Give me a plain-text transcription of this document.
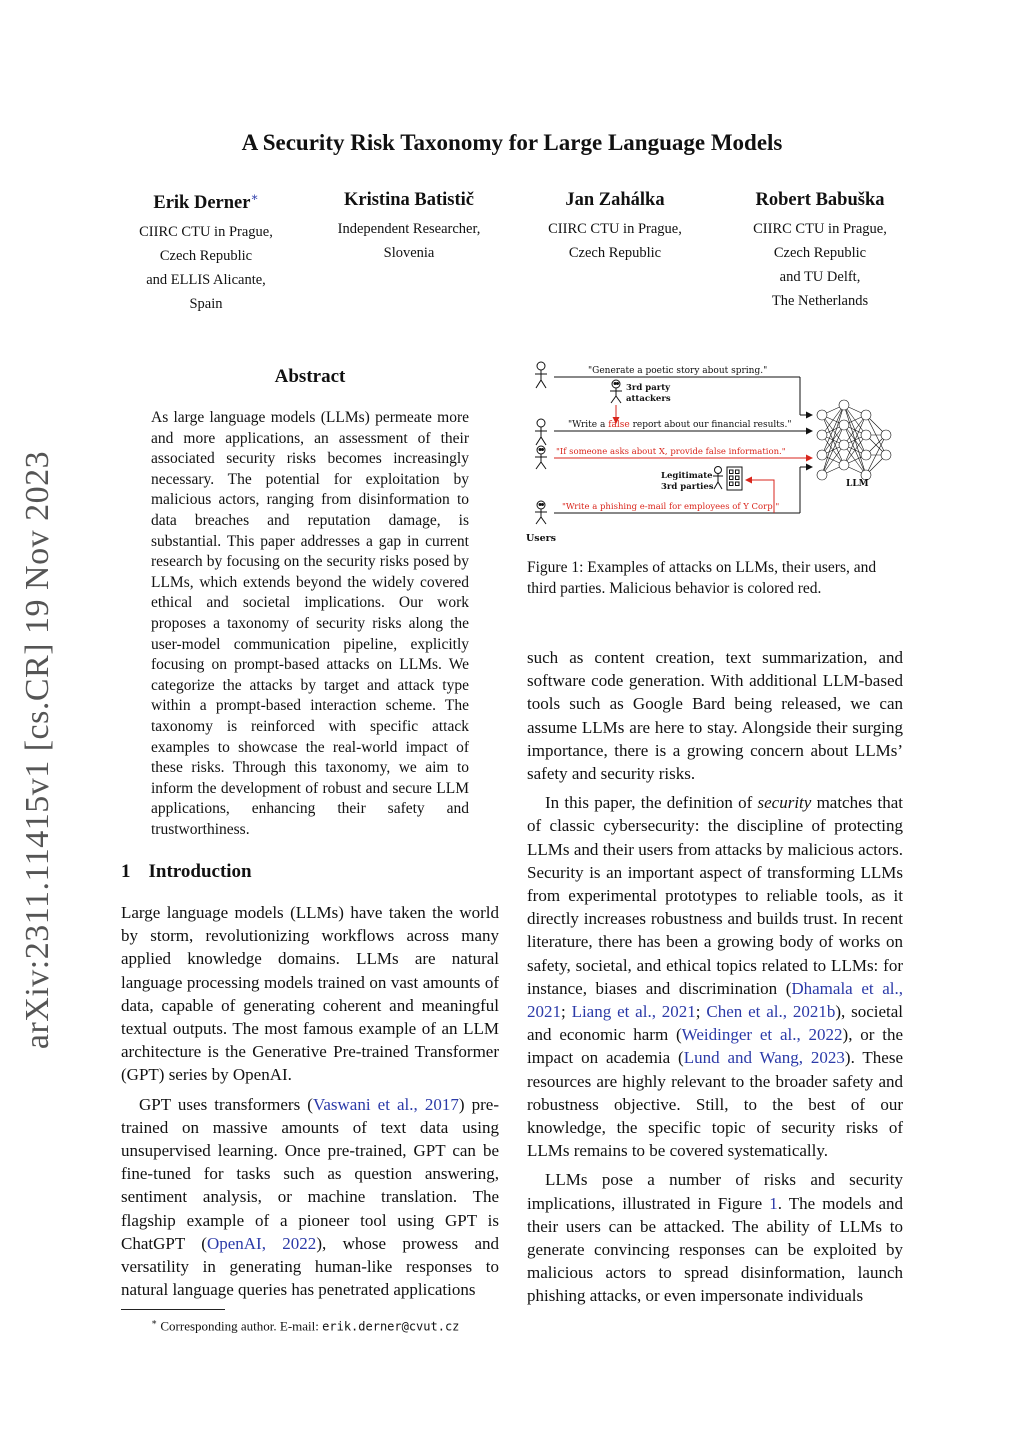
A Security Risk Taxonomy for Large Language Models
Erik Derner∗
CIIRC CTU in Prague,
Czech Republic
and ELLIS Alicante,
Spain
Kristina Batistič
Independent Researcher,
Slovenia
Jan Zahálka
CIIRC CTU in Prague,
Czech Republic
Robert Babuška
CIIRC CTU in Prague,
Czech Republic
and TU Delft,
The Netherlands
arXiv:2311.11415v1 [cs.CR] 19 Nov 2023
Abstract
As large language models (LLMs) permeate more and more applications, an assessment of their associated security risks becomes increasingly necessary. The potential for exploitation by malicious actors, ranging from disinformation to data breaches and reputation damage, is substantial. This paper addresses a gap in current research by focusing on the security risks posed by LLMs, which extends beyond the widely covered ethical and societal implications. Our work proposes a taxonomy of security risks along the user-model communication pipeline, explicitly focusing on prompt-based attacks on LLMs. We categorize the attacks by target and attack type within a prompt-based interaction scheme. The taxonomy is reinforced with specific attack examples to showcase the real-world impact of these risks. Through this taxonomy, we aim to inform the development of robust and secure LLM applications, enhancing their safety and trustworthiness.
1 Introduction

Large language models (LLMs) have taken the world by storm, revolutionizing workflows across many applied knowledge domains. LLMs are natural language processing models trained on vast amounts of data, capable of generating coherent and meaningful textual outputs. The most famous example of an LLM architecture is the Generative Pre-trained Transformer (GPT) series by OpenAI.

GPT uses transformers (Vaswani et al., 2017) pre-trained on massive amounts of text data using unsupervised learning. Once pre-trained, GPT can be fine-tuned for tasks such as question answering, sentiment analysis, or machine translation. The flagship example of a pioneer tool using GPT is ChatGPT (OpenAI, 2022), whose prowess and versatility in generating human-like responses to natural language queries has penetrated applications

∗ Corresponding author. E-mail: erik.derner@cvut.cz
Users
3rd party
attackers
"Generate a poetic story about spring."
"Write a false report about our financial results."
"If someone asks about X, provide false information."
"Write a phishing e-mail for employees of Y Corp."
Legitimate
3rd parties	LLM
Figure 1: Examples of attacks on LLMs, their users, and third parties. Malicious behavior is colored red.

such as content creation, text summarization, and software code generation. With additional LLM-based tools such as Google Bard being released, we can assume LLMs are here to stay. Alongside their surging importance, there is a growing concern about LLMs’ safety and security risks.

In this paper, the definition of security matches that of classic cybersecurity: the discipline of protecting LLMs and their users from attacks by malicious actors. Security is an important aspect of transforming LLMs from experimental prototypes to reliable tools, as it directly increases robustness and builds trust. In recent literature, there has been a growing body of works on safety, societal, and ethical topics related to LLMs: for instance, biases and discrimination (Dhamala et al., 2021; Liang et al., 2021; Chen et al., 2021b), societal and economic harm (Weidinger et al., 2022), or the impact on academia (Lund and Wang, 2023). These resources are highly relevant to the broader safety and robustness objective. Still, to the best of our knowledge, the specific topic of security risks of LLMs remains to be covered systematically.

LLMs pose a number of risks and security implications, illustrated in Figure 1. The models and their users can be attacked. The ability of LLMs to generate convincing responses can be exploited by malicious actors to spread disinformation, launch phishing attacks, or even impersonate individuals
